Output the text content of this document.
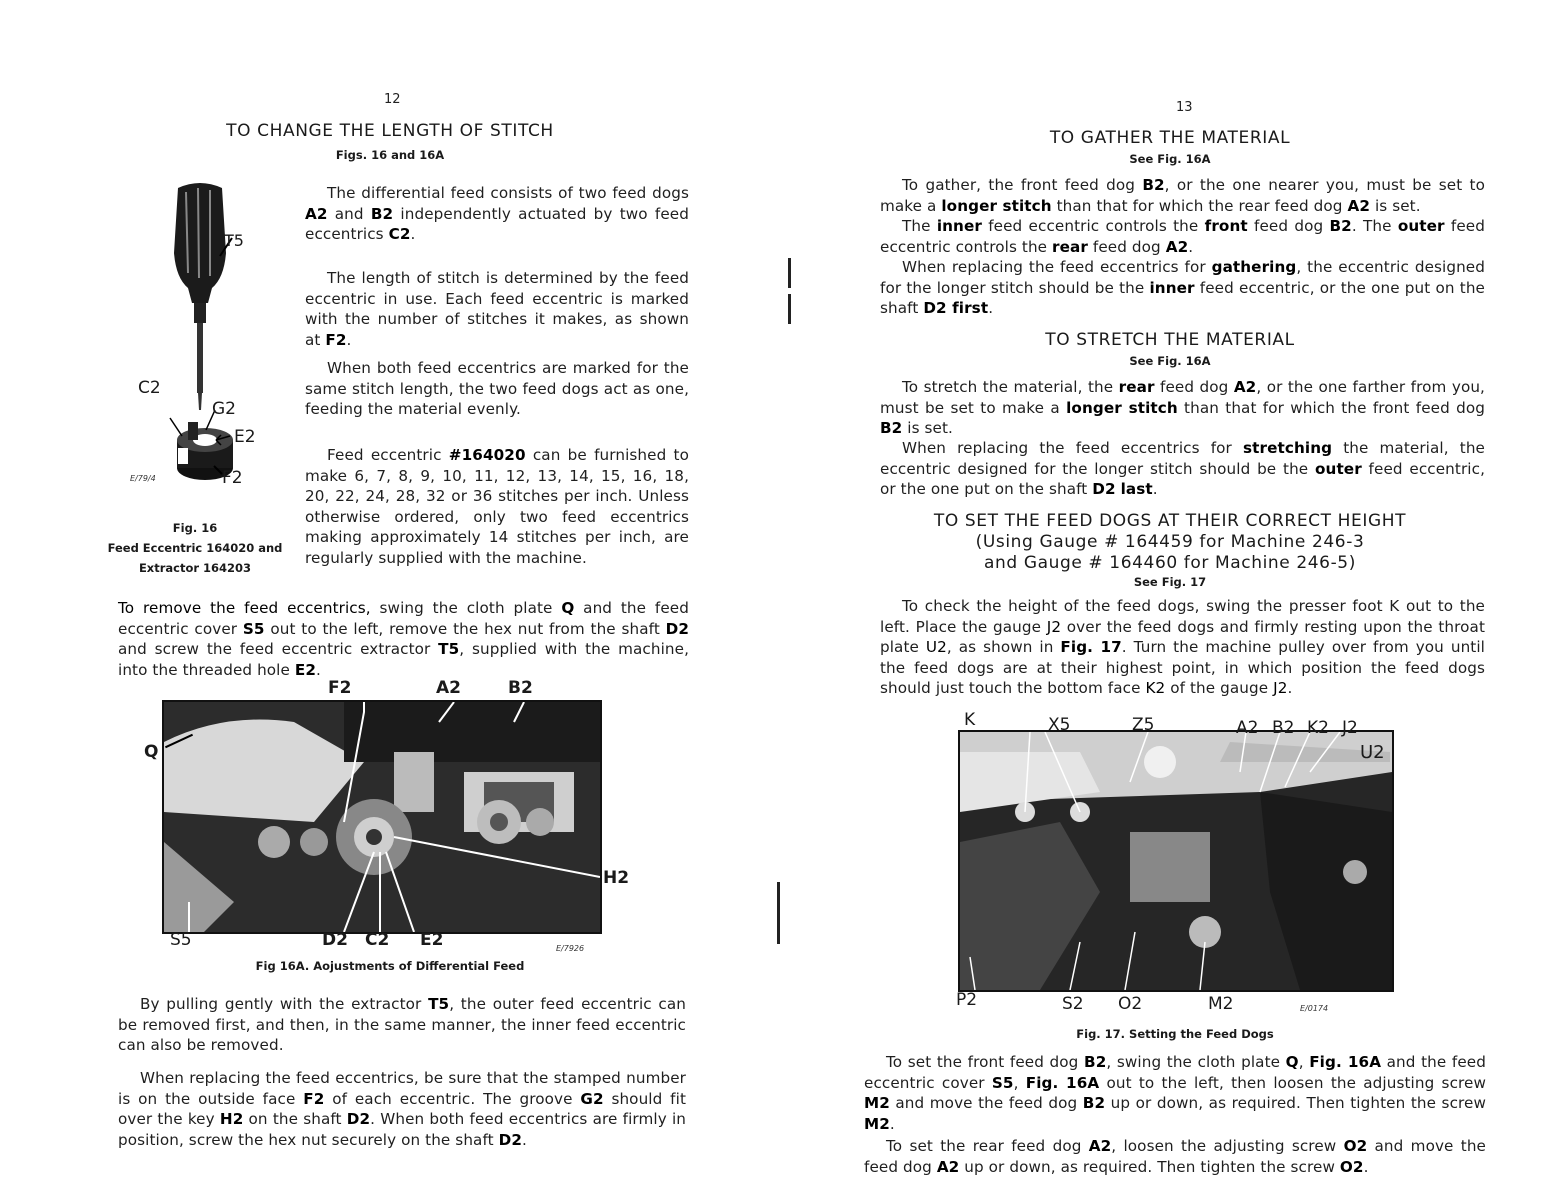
12
TO CHANGE THE LENGTH OF STITCH
Figs. 16 and 16A
T5
C2
G2
E2
F2
E/79/4
Fig. 16
Feed Eccentric 164020 and
Extractor 164203
The differential feed consists of two feed dogs A2 and B2 independently actuated by two feed eccentrics C2.
The length of stitch is determined by the feed eccentric in use. Each feed eccentric is marked with the number of stitches it makes, as shown at F2.
When both feed eccentrics are marked for the same stitch length, the two feed dogs act as one, feeding the material evenly.
Feed eccentric #164020 can be furnished to make 6, 7, 8, 9, 10, 11, 12, 13, 14, 15, 16, 18, 20, 22, 24, 28, 32 or 36 stitches per inch. Unless otherwise ordered, only two feed eccentrics making approximately 14 stitches per inch, are regularly supplied with the machine.
To remove the feed eccentrics, swing the cloth plate Q and the feed eccentric cover S5 out to the left, remove the hex nut from the shaft D2 and screw the feed eccentric extractor T5, supplied with the machine, into the threaded hole E2.
F2	A2	B2
Q
H2
S5	D2 C2 E2	E/7926
Fig 16A. Aojustments of Differential Feed
By pulling gently with the extractor T5, the outer feed eccentric can be removed first, and then, in the same manner, the inner feed eccentric can also be removed.
When replacing the feed eccentrics, be sure that the stamped number is on the outside face F2 of each eccentric. The groove G2 should fit over the key H2 on the shaft D2. When both feed eccentrics are firmly in position, screw the hex nut securely on the shaft D2.
13
TO GATHER THE MATERIAL
See Fig. 16A
To gather, the front feed dog B2, or the one nearer you, must be set to make a longer stitch than that for which the rear feed dog A2 is set.
The inner feed eccentric controls the front feed dog B2. The outer feed eccentric controls the rear feed dog A2.
When replacing the feed eccentrics for gathering, the eccentric designed for the longer stitch should be the inner feed eccentric, or the one put on the shaft D2 first.
TO STRETCH THE MATERIAL
See Fig. 16A
To stretch the material, the rear feed dog A2, or the one farther from you, must be set to make a longer stitch than that for which the front feed dog B2 is set.
When replacing the feed eccentrics for stretching the material, the eccentric designed for the longer stitch should be the outer feed eccentric, or the one put on the shaft D2 last.
TO SET THE FEED DOGS AT THEIR CORRECT HEIGHT
(Using Gauge # 164459 for Machine 246-3
and Gauge # 164460 for Machine 246-5)
See Fig. 17
To check the height of the feed dogs, swing the presser foot K out to the left. Place the gauge J2 over the feed dogs and firmly resting upon the throat plate U2, as shown in Fig. 17. Turn the machine pulley over from you until the feed dogs are at their highest point, in which position the feed dogs should just touch the bottom face K2 of the gauge J2.
K	X5	Z5	A2 B2 K2 J2
U2
P2	S2 O2	M2	E/0174
Fig. 17. Setting the Feed Dogs
To set the front feed dog B2, swing the cloth plate Q, Fig. 16A and the feed eccentric cover S5, Fig. 16A out to the left, then loosen the adjusting screw M2 and move the feed dog B2 up or down, as required. Then tighten the screw M2.
To set the rear feed dog A2, loosen the adjusting screw O2 and move the feed dog A2 up or down, as required. Then tighten the screw O2.
